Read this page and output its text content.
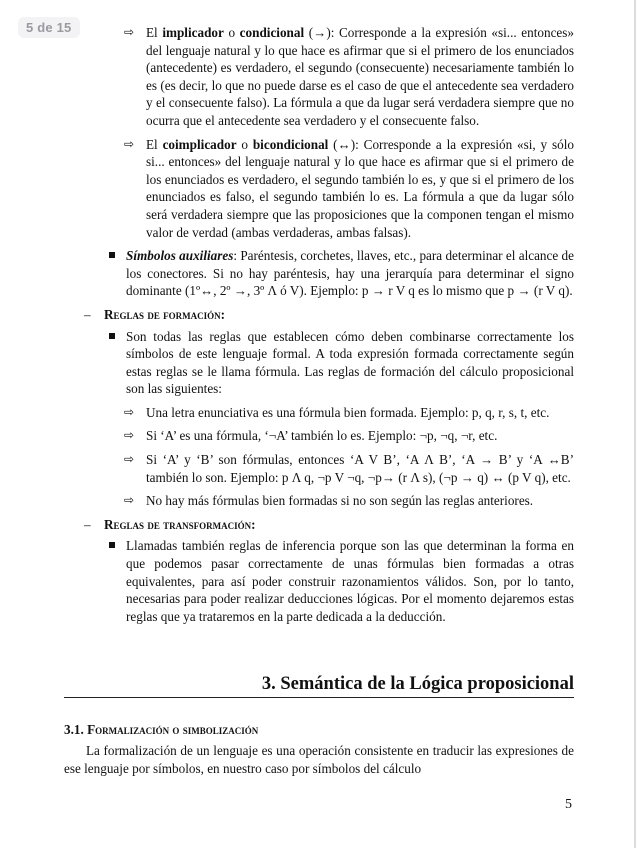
5 de 15	⇨ El implicador o condicional (→): Corresponde a la expresión «si... entonces» del lenguaje natural y lo que hace es afirmar que si el primero de los enunciados (antecedente) es verdadero, el segundo (consecuente) necesariamente también lo es (es decir, lo que no puede darse es el caso de que el antecedente sea verdadero y el consecuente falso). La fórmula a que da lugar será verdadera siempre que no ocurra que el antecedente sea verdadero y el consecuente falso.

⇨ El coimplicador o bicondicional (↔): Corresponde a la expresión «si, y sólo si... entonces» del lenguaje natural y lo que hace es afirmar que si el primero de los enunciados es verdadero, el segundo también lo es, y que si el primero de los enunciados es falso, el segundo también lo es. La fórmula a que da lugar sólo será verdadera siempre que las proposiciones que la componen tengan el mismo valor de verdad (ambas verdaderas, ambas falsas).

Símbolos auxiliares: Paréntesis, corchetes, llaves, etc., para determinar el alcance de los conectores. Si no hay paréntesis, hay una jerarquía para determinar el signo dominante (1º↔, 2º →, 3º Λ ó V). Ejemplo: p → r V q es lo mismo que p → (r V q).

– Reglas de formación:

Son todas las reglas que establecen cómo deben combinarse correctamente los símbolos de este lenguaje formal. A toda expresión formada correctamente según estas reglas se le llama fórmula. Las reglas de formación del cálculo proposicional son las siguientes:

⇨ Una letra enunciativa es una fórmula bien formada. Ejemplo: p, q, r, s, t, etc.

⇨ Si ‘A’ es una fórmula, ‘¬A’ también lo es. Ejemplo: ¬p, ¬q, ¬r, etc.

⇨ Si ‘A’ y ‘B’ son fórmulas, entonces ‘A V B’, ‘A Λ B’, ‘A → B’ y ‘A ↔B’ también lo son. Ejemplo: p Λ q, ¬p V ¬q, ¬p→ (r Λ s), (¬p → q) ↔ (p V q), etc.

⇨ No hay más fórmulas bien formadas si no son según las reglas anteriores.

– Reglas de transformación:

Llamadas también reglas de inferencia porque son las que determinan la forma en que podemos pasar correctamente de unas fórmulas bien formadas a otras equivalentes, para así poder construir razonamientos válidos. Son, por lo tanto, necesarias para poder realizar deducciones lógicas. Por el momento dejaremos estas reglas que ya trataremos en la parte dedicada a la deducción.

3. Semántica de la Lógica proposicional
3.1. Formalización o simbolización

La formalización de un lenguaje es una operación consistente en traducir las expresiones de ese lenguaje por símbolos, en nuestro caso por símbolos del cálculo

5
